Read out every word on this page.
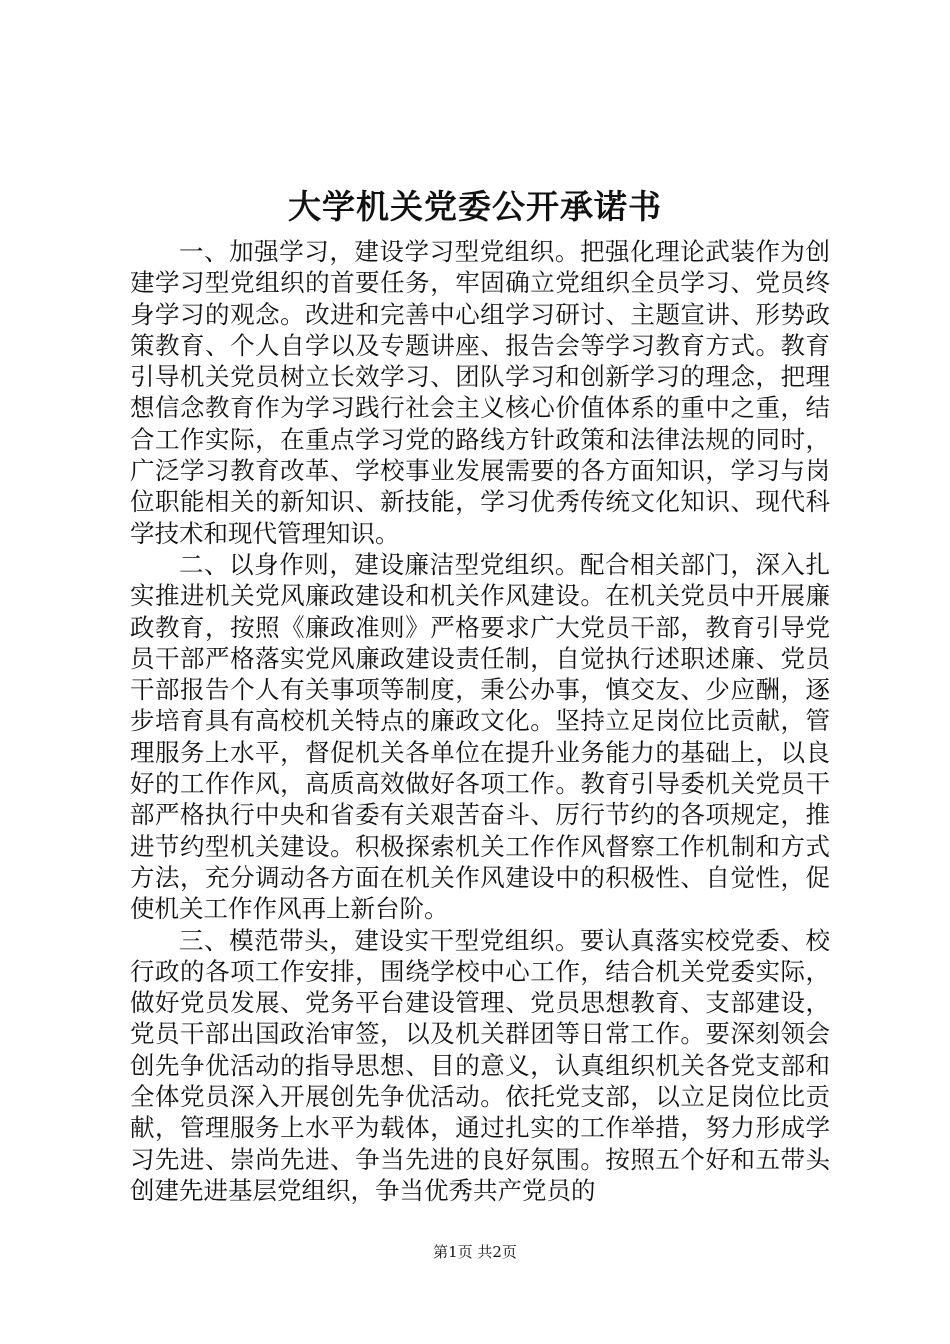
大学机关党委公开承诺书

一、加强学习，建设学习型党组织。把强化理论武装作为创建学习型党组织的首要任务，牢固确立党组织全员学习、党员终身学习的观念。改进和完善中心组学习研讨、主题宣讲、形势政策教育、个人自学以及专题讲座、报告会等学习教育方式。教育引导机关党员树立长效学习、团队学习和创新学习的理念，把理想信念教育作为学习践行社会主义核心价值体系的重中之重，结合工作实际，在重点学习党的路线方针政策和法律法规的同时，广泛学习教育改革、学校事业发展需要的各方面知识，学习与岗位职能相关的新知识、新技能，学习优秀传统文化知识、现代科学技术和现代管理知识。

二、以身作则，建设廉洁型党组织。配合相关部门，深入扎实推进机关党风廉政建设和机关作风建设。在机关党员中开展廉政教育，按照《廉政准则》严格要求广大党员干部，教育引导党员干部严格落实党风廉政建设责任制，自觉执行述职述廉、党员干部报告个人有关事项等制度，秉公办事，慎交友、少应酬，逐步培育具有高校机关特点的廉政文化。坚持立足岗位比贡献，管理服务上水平，督促机关各单位在提升业务能力的基础上，以良好的工作作风，高质高效做好各项工作。教育引导委机关党员干部严格执行中央和省委有关艰苦奋斗、厉行节约的各项规定，推进节约型机关建设。积极探索机关工作作风督察工作机制和方式方法，充分调动各方面在机关作风建设中的积极性、自觉性，促使机关工作作风再上新台阶。

三、模范带头，建设实干型党组织。要认真落实校党委、校行政的各项工作安排，围绕学校中心工作，结合机关党委实际，做好党员发展、党务平台建设管理、党员思想教育、支部建设，党员干部出国政治审签，以及机关群团等日常工作。要深刻领会创先争优活动的指导思想、目的意义，认真组织机关各党支部和全体党员深入开展创先争优活动。依托党支部，以立足岗位比贡献，管理服务上水平为载体，通过扎实的工作举措，努力形成学习先进、崇尚先进、争当先进的良好氛围。按照五个好和五带头创建先进基层党组织，争当优秀共产党员的

第1页 共2页
